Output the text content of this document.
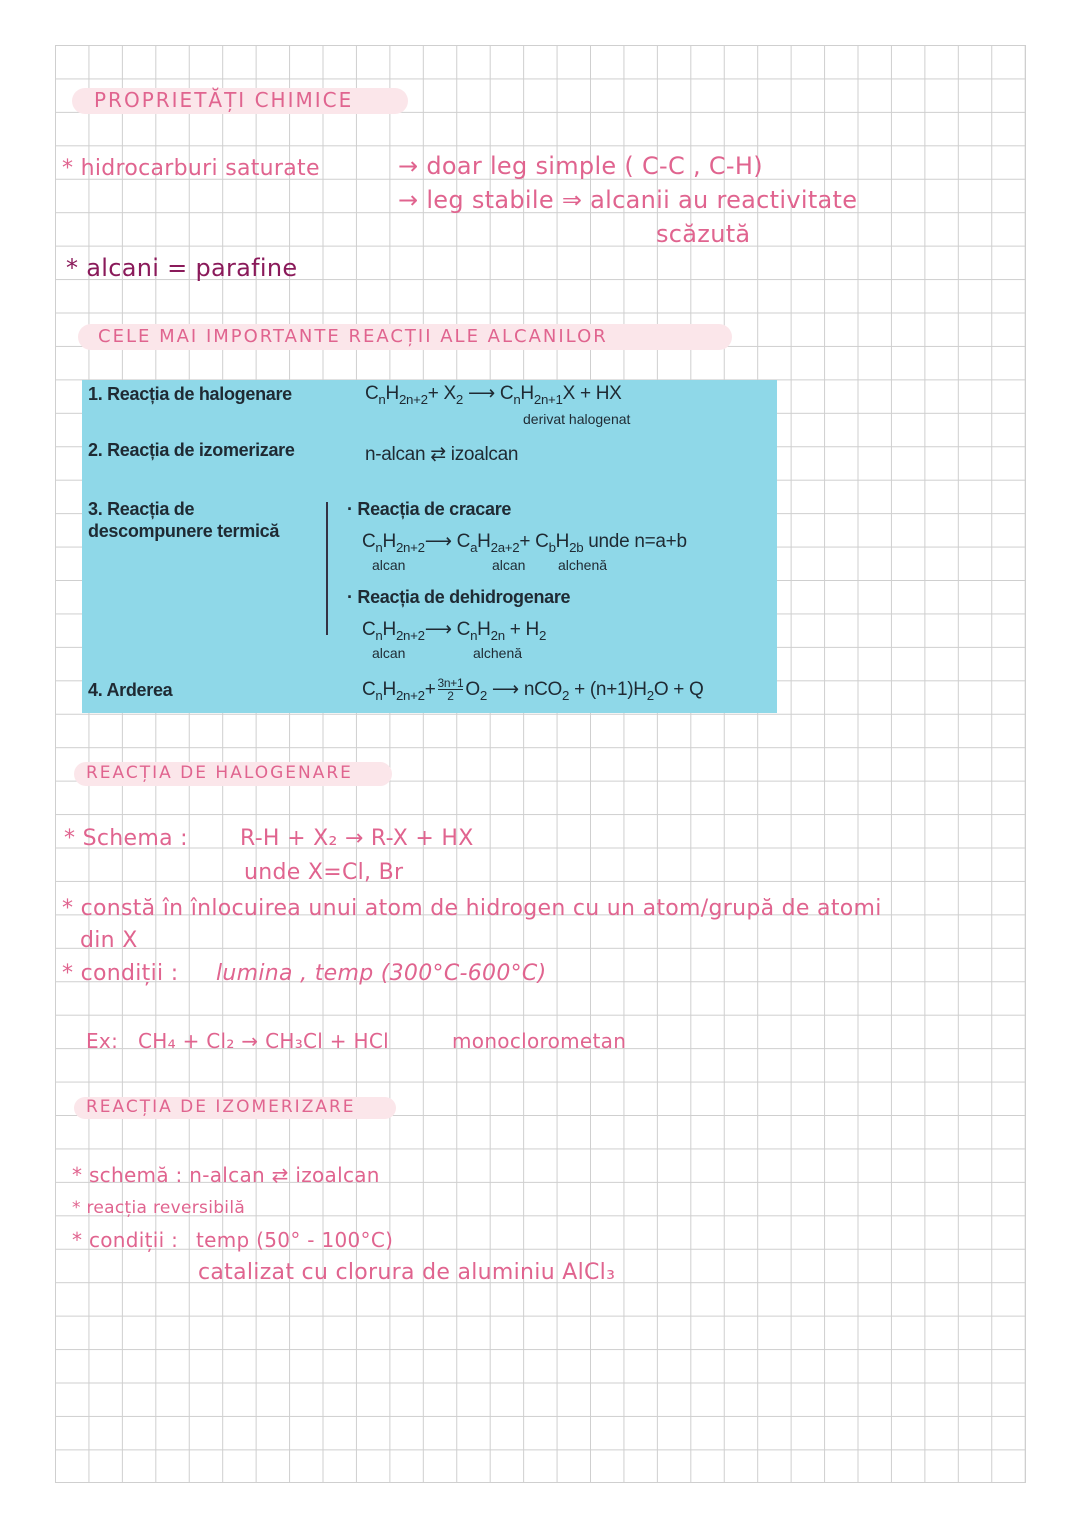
PROPRIETĂȚI CHIMICE
* hidrocarburi saturate	→ doar leg simple ( C-C , C-H)
→ leg stabile ⇒ alcanii au reactivitate
scăzută
* alcani = parafine
CELE MAI IMPORTANTE REACȚII ALE ALCANILOR
1. Reacția de halogenare	$C_nH_{2n+2}+ X_2$ ⟶ $C_nH_{2n+1}X$ + HX
derivat halogenat
2. Reacția de izomerizare	n-alcan ⇄ izoalcan
3. Reacția de
descompunere termică
· Reacția de cracare
$C_nH_{2n+2}⟶$ $C_aH_{2a+2}+ C_bH_{2b}$ unde n=a+b
alcan	alcan alchenă
· Reacția de dehidrogenare
$C_nH_{2n+2}⟶$ $C_nH_{2n} + H_2$
alcan	alchenă
4. Arderea	$C_nH_{2n+2}+ \frac{3n+1}{2} O_2$ ⟶ $nCO_2 + (n+1)H_2O + Q$
REACȚIA DE HALOGENARE
* Schema : R-H + X₂ → R-X + HX
unde X=Cl, Br
* constă în înlocuirea unui atom de hidrogen cu un atom/grupă de atomi
din X
* condiții : lumina , temp (300°C-600°C)
Ex: CH₄ + Cl₂ → CH₃Cl + HCl	monoclorometan
REACȚIA DE IZOMERIZARE
* schemă : n-alcan ⇄ izoalcan
* reacția reversibilă
* condiții : temp (50° - 100°C)
catalizat cu clorura de aluminiu AlCl₃
